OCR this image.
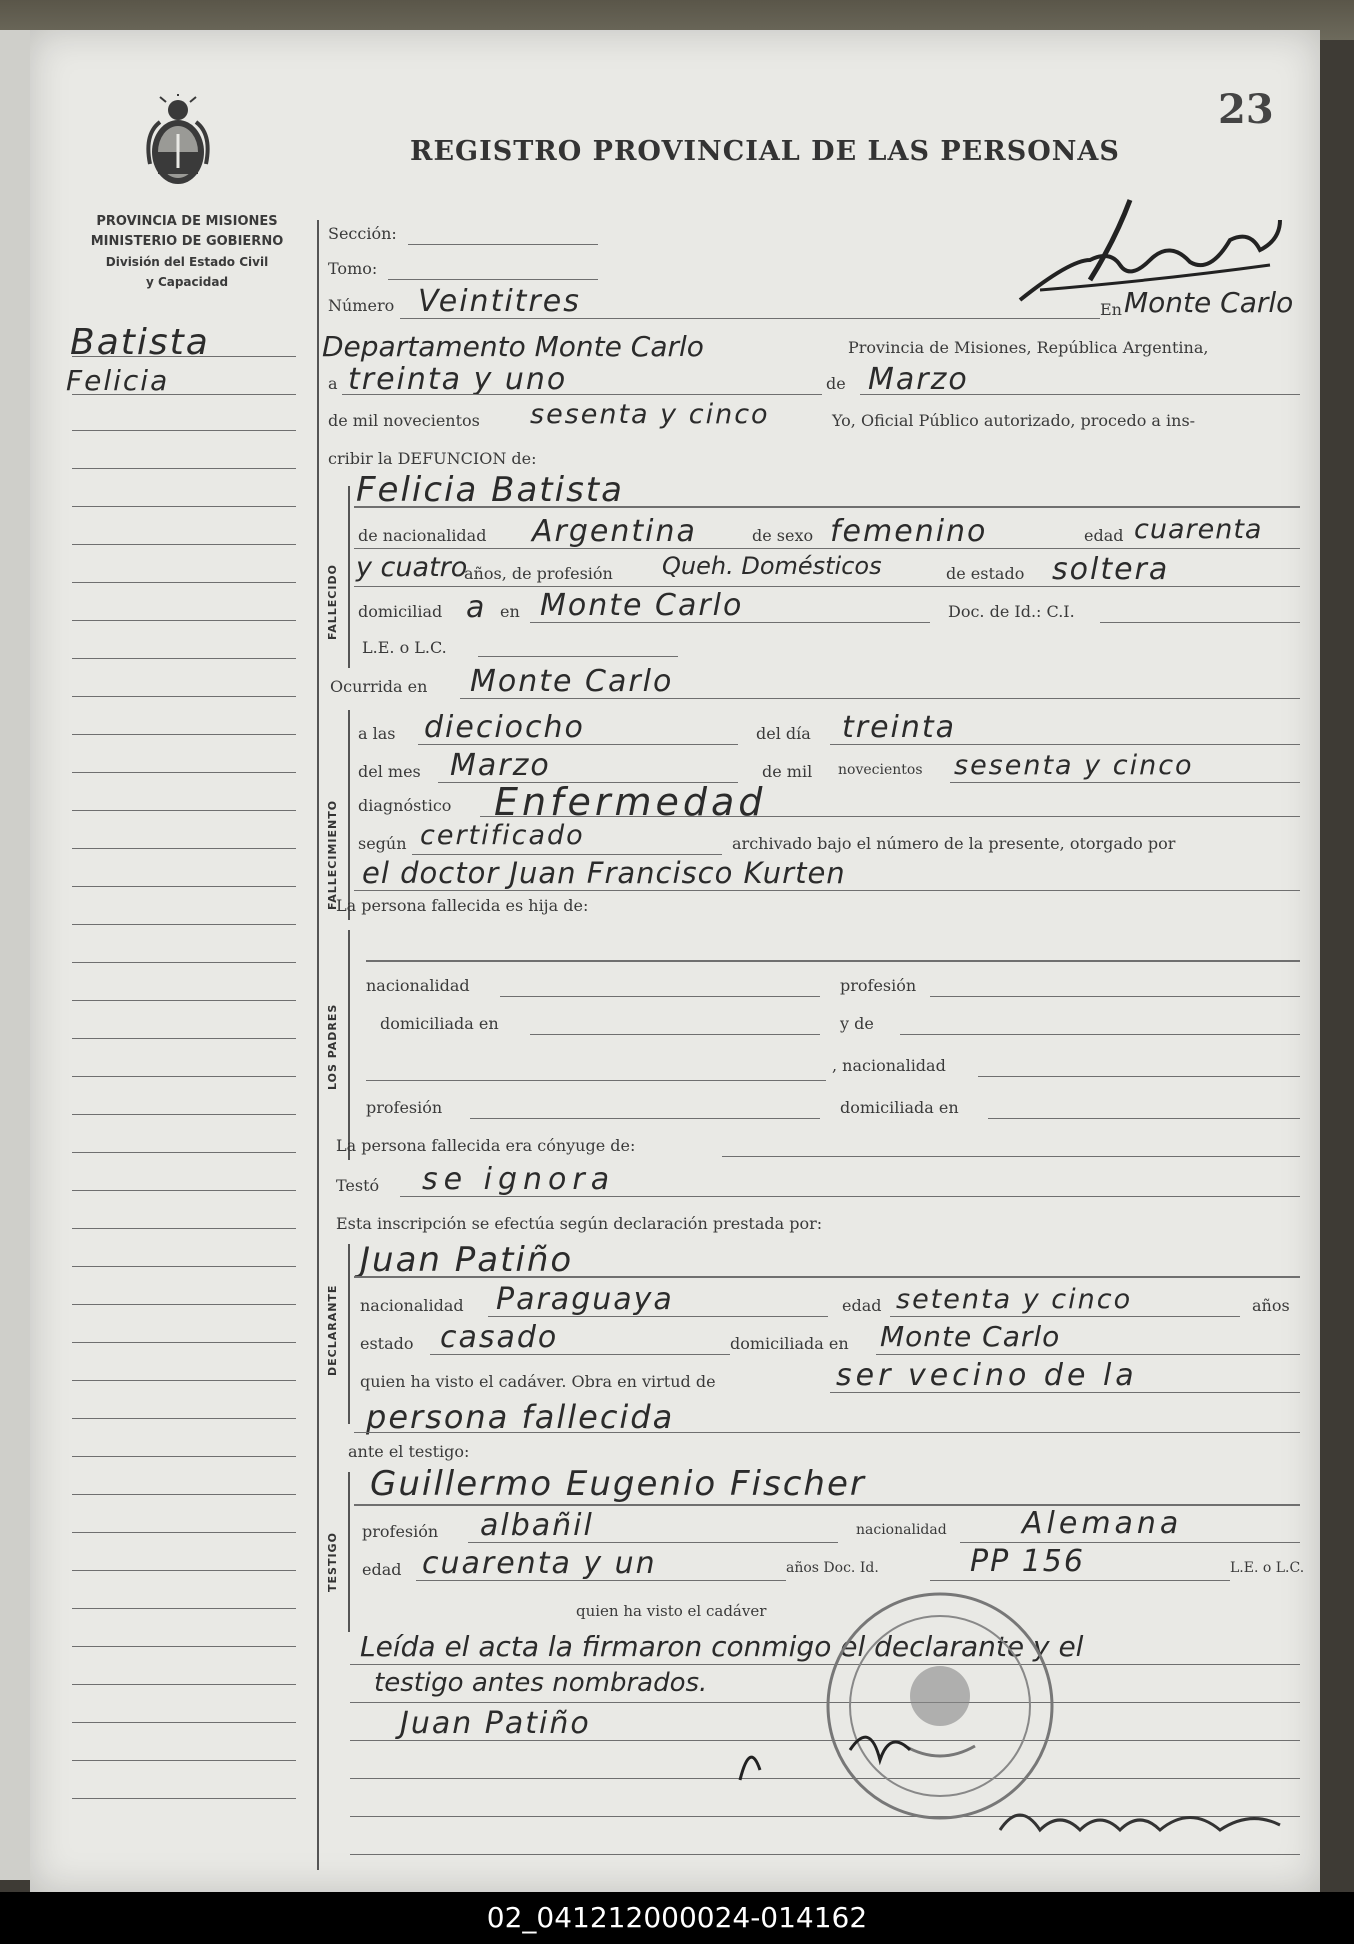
23
REGISTRO PROVINCIAL DE LAS PERSONAS
PROVINCIA DE MISIONES
MINISTERIO DE GOBIERNO
División del Estado Civil
y Capacidad
Batista
Felicia
Sección:
Tomo:
Número Veintitres	En Monte Carlo
Departamento Monte Carlo	Provincia de Misiones, República Argentina,
a treinta y uno	de Marzo
de mil novecientos sesenta y cinco	Yo, Oficial Público autorizado, procedo a ins-
cribir la DEFUNCION de:
FALLECIDO
Felicia Batista
de nacionalidad Argentina	de sexo femenino	edad cuarenta
y cuatro
años, de profesión Queh. Domésticos	de estado soltera
domiciliad a en Monte Carlo	Doc. de Id.: C.I.
L.E. o L.C.
Ocurrida en Monte Carlo
FALLECIMIENTO
a las dieciocho	del día treinta
del mes Marzo	de mil novecientos sesenta y cinco
diagnóstico Enfermedad
según certificado	archivado bajo el número de la presente, otorgado por
el doctor Juan Francisco Kurten
La persona fallecida es hija de:
LOS PADRES
nacionalidad	profesión
domiciliada en	y de
, nacionalidad
profesión	domiciliada en
La persona fallecida era cónyuge de:
Testó se ignora
Esta inscripción se efectúa según declaración prestada por:
DECLARANTE
Juan Patiño
nacionalidad Paraguaya	edad setenta y cinco	años
estado casado	domiciliada en Monte Carlo
quien ha visto el cadáver. Obra en virtud de	ser vecino de la
persona fallecida
ante el testigo:
TESTIGO
Guillermo Eugenio Fischer
profesión albañil	nacionalidad	Alemana
edad cuarenta y un	años Doc. Id.	PP 156	L.E. o L.C.
quien ha visto el cadáver
Leída el acta la firmaron conmigo el declarante y el
testigo antes nombrados.
Juan Patiño
02_041212000024-014162
